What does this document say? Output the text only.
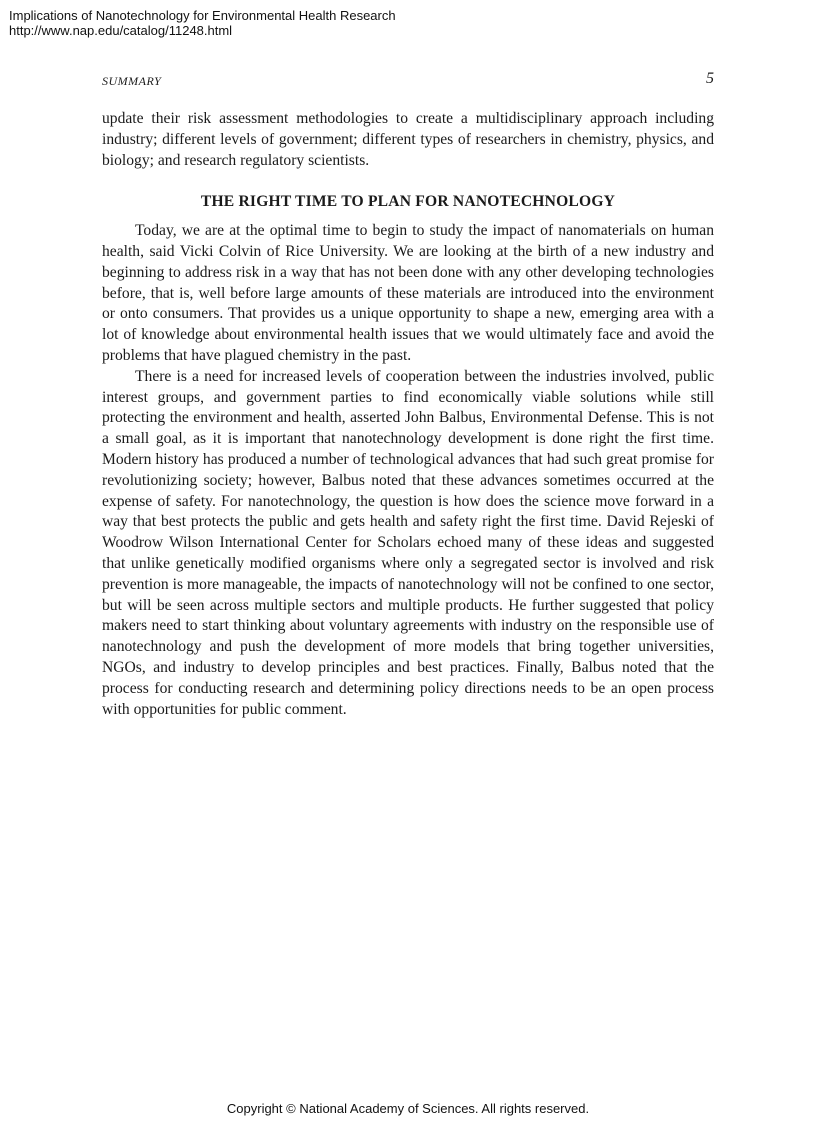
Implications of Nanotechnology for Environmental Health Research
http://www.nap.edu/catalog/11248.html
SUMMARY	5

update their risk assessment methodologies to create a multidisciplinary approach including industry; different levels of government; different types of researchers in chemistry, physics, and biology; and research regulatory scientists.

THE RIGHT TIME TO PLAN FOR NANOTECHNOLOGY

Today, we are at the optimal time to begin to study the impact of nanomaterials on human health, said Vicki Colvin of Rice University. We are looking at the birth of a new industry and beginning to address risk in a way that has not been done with any other developing technologies before, that is, well before large amounts of these materials are introduced into the environment or onto consumers. That provides us a unique opportunity to shape a new, emerging area with a lot of knowledge about environmental health issues that we would ultimately face and avoid the problems that have plagued chemistry in the past.

There is a need for increased levels of cooperation between the industries involved, public interest groups, and government parties to find economically viable solutions while still protecting the environment and health, asserted John Balbus, Environmental Defense. This is not a small goal, as it is important that nanotechnology development is done right the first time. Modern history has produced a number of technological advances that had such great promise for revolutionizing society; however, Balbus noted that these advances sometimes occurred at the expense of safety. For nanotechnology, the question is how does the science move forward in a way that best protects the public and gets health and safety right the first time. David Rejeski of Woodrow Wilson International Center for Scholars echoed many of these ideas and suggested that unlike genetically modified organisms where only a segregated sector is involved and risk prevention is more manageable, the impacts of nanotechnology will not be confined to one sector, but will be seen across multiple sectors and multiple products. He further suggested that policy makers need to start thinking about voluntary agreements with industry on the responsible use of nanotechnology and push the development of more models that bring together universities, NGOs, and industry to develop principles and best practices. Finally, Balbus noted that the process for conducting research and determining policy directions needs to be an open process with opportunities for public comment.

Copyright © National Academy of Sciences. All rights reserved.
